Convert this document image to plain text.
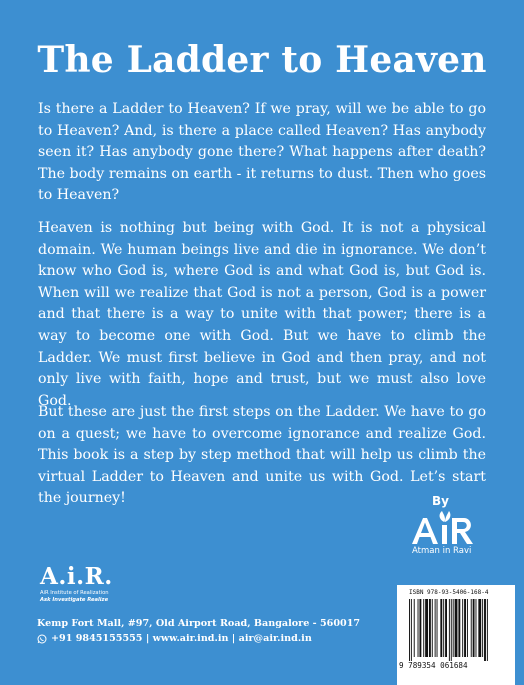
The Ladder to Heaven

Is there a Ladder to Heaven? If we pray, will we be able to go to Heaven? And, is there a place called Heaven? Has anybody seen it? Has anybody gone there? What happens after death? The body remains on earth - it returns to dust. Then who goes to Heaven?

Heaven is nothing but being with God. It is not a physical domain. We human beings live and die in ignorance. We don’t know who God is, where God is and what God is, but God is. When will we realize that God is not a person, God is a power and that there is a way to unite with that power; there is a way to become one with God. But we have to climb the Ladder. We must first believe in God and then pray, and not only live with faith, hope and trust, but we must also love God.

But these are just the first steps on the Ladder. We have to go on a quest; we have to overcome ignorance and realize God. This book is a step by step method that will help us climb the virtual Ladder to Heaven and unite us with God. Let’s start the journey!	By
Atman in Ravi
A.i.R.
AiR Institute of Realization
Ask Investigate Realize
Kemp Fort Mall, #97, Old Airport Road, Bangalore - 560017
+91 9845155555 | www.air.ind.in | air@air.ind.in
ISBN 978-93-5406-168-4
9 789354 061684
